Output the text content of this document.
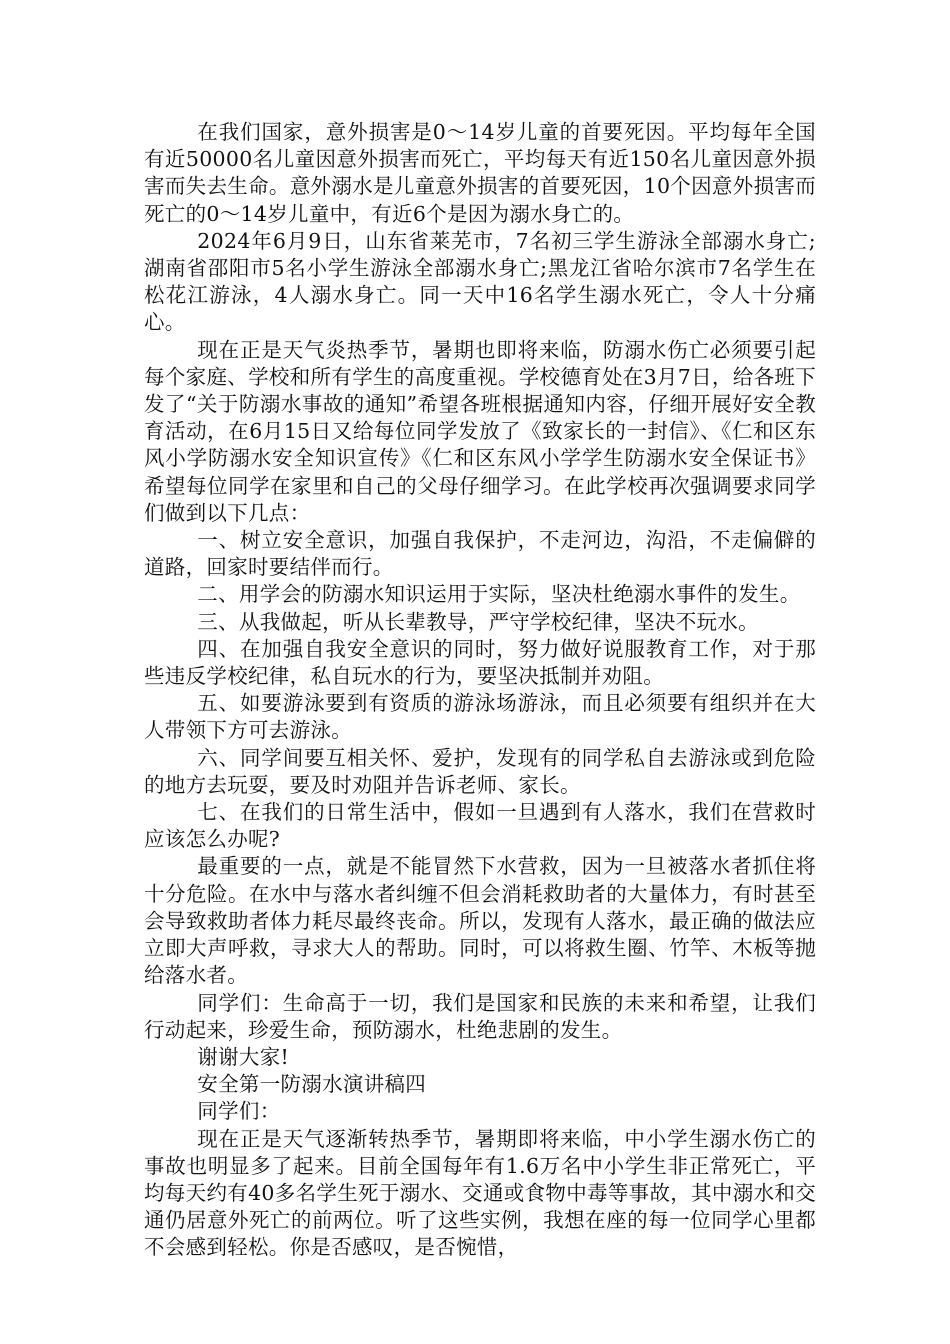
在我们国家，意外损害是0～14岁儿童的首要死因。平均每年全国有近50000名儿童因意外损害而死亡，平均每天有近150名儿童因意外损害而失去生命。意外溺水是儿童意外损害的首要死因，10个因意外损害而死亡的0～14岁儿童中，有近6个是因为溺水身亡的。

2024年6月9日，山东省莱芜市，7名初三学生游泳全部溺水身亡;湖南省邵阳市5名小学生游泳全部溺水身亡;黑龙江省哈尔滨市7名学生在松花江游泳，4人溺水身亡。同一天中16名学生溺水死亡，令人十分痛心。

现在正是天气炎热季节，暑期也即将来临，防溺水伤亡必须要引起每个家庭、学校和所有学生的高度重视。学校德育处在3月7日，给各班下发了“关于防溺水事故的通知”希望各班根据通知内容，仔细开展好安全教育活动，在6月15日又给每位同学发放了《致家长的一封信》、《仁和区东风小学防溺水安全知识宣传》《仁和区东风小学学生防溺水安全保证书》希望每位同学在家里和自己的父母仔细学习。在此学校再次强调要求同学们做到以下几点：

一、树立安全意识，加强自我保护，不走河边，沟沿，不走偏僻的道路，回家时要结伴而行。

二、用学会的防溺水知识运用于实际，坚决杜绝溺水事件的发生。

三、从我做起，听从长辈教导，严守学校纪律，坚决不玩水。

四、在加强自我安全意识的同时，努力做好说服教育工作，对于那些违反学校纪律，私自玩水的行为，要坚决抵制并劝阻。

五、如要游泳要到有资质的游泳场游泳，而且必须要有组织并在大人带领下方可去游泳。

六、同学间要互相关怀、爱护，发现有的同学私自去游泳或到危险的地方去玩耍，要及时劝阻并告诉老师、家长。

七、在我们的日常生活中，假如一旦遇到有人落水，我们在营救时应该怎么办呢?

最重要的一点，就是不能冒然下水营救，因为一旦被落水者抓住将十分危险。在水中与落水者纠缠不但会消耗救助者的大量体力，有时甚至会导致救助者体力耗尽最终丧命。所以，发现有人落水，最正确的做法应立即大声呼救，寻求大人的帮助。同时，可以将救生圈、竹竿、木板等抛给落水者。

同学们：生命高于一切，我们是国家和民族的未来和希望，让我们行动起来，珍爱生命，预防溺水，杜绝悲剧的发生。

谢谢大家!

安全第一防溺水演讲稿四

同学们：

现在正是天气逐渐转热季节，暑期即将来临，中小学生溺水伤亡的事故也明显多了起来。目前全国每年有1.6万名中小学生非正常死亡，平均每天约有40多名学生死于溺水、交通或食物中毒等事故，其中溺水和交通仍居意外死亡的前两位。听了这些实例，我想在座的每一位同学心里都不会感到轻松。你是否感叹，是否惋惜，
